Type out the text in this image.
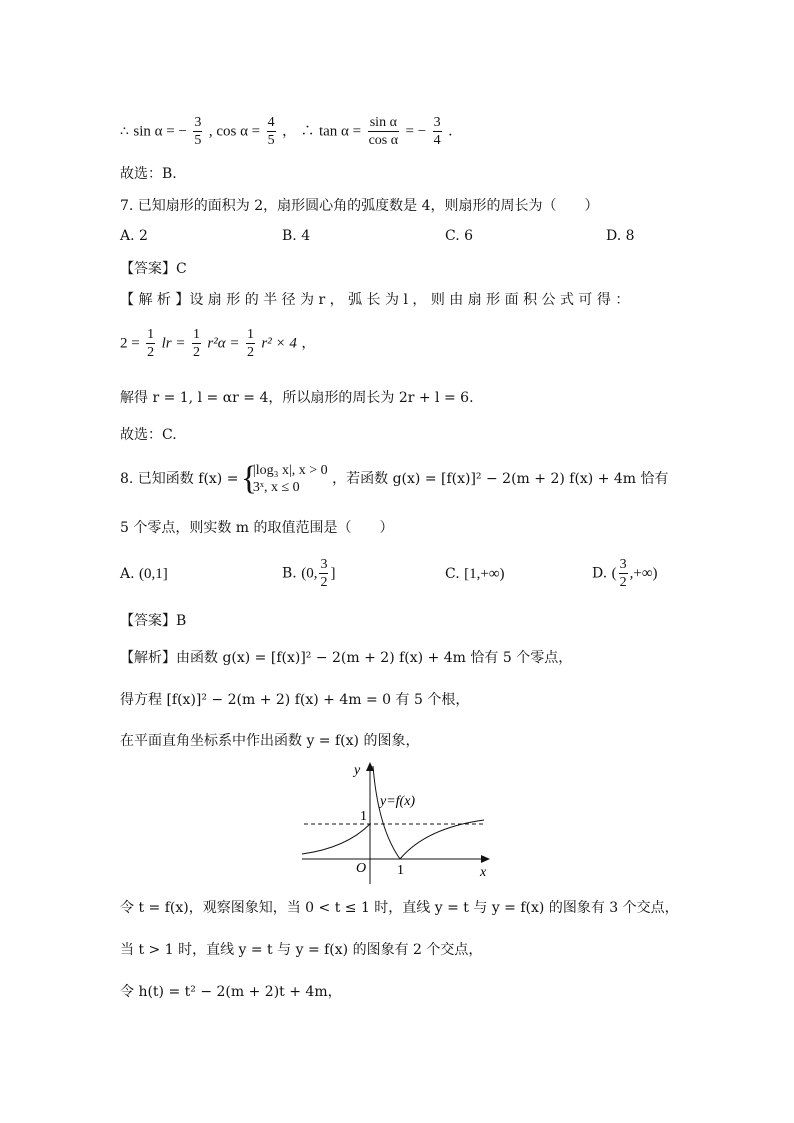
∴ sin α = − $\frac{3}{5}$ , $\cos \alpha = \frac{4}{5}$ ， ∴ $\tan \alpha = \frac{\text{sin α}}{\text{cos α}}$ = − $\frac{3}{4}$ .
故选：B.
7. 已知扇形的面积为 2，扇形圆心角的弧度数是 4，则扇形的周长为（　　）
A. 2	B. 4	C. 6	D. 8
【答案】C
【 解 析 】设 扇 形 的 半 径 为 r ， 弧 长 为 l ， 则 由 扇 形 面 积 公 式 可 得 ：
$2 = \frac{1}{2}$ lr = $\frac{1}{2} r^2\alpha = \frac{1}{2} r^2 \times 4$ ，
解得 r = 1, l = αr = 4，所以扇形的周长为 2r + l = 6.
故选：C.
8. 已知函数 f(x) =
{ |log₃ x|, x > 0
3ˣ, x ≤ 0
，若函数 g(x) = [f(x)]² − 2(m + 2) f(x) + 4m 恰有
5 个零点，则实数 m 的取值范围是（　　）
A. (0,1]	B. (0, $\frac{3}{2}$ ]	C. [1,+∞)	D. ( $\frac{3}{2}$ ,+∞)
【答案】B
【解析】由函数 g(x) = [f(x)]² − 2(m + 2) f(x) + 4m 恰有 5 个零点，
得方程 [f(x)]² − 2(m + 2) f(x) + 4m = 0 有 5 个根，
在平面直角坐标系中作出函数 y = f(x) 的图象，
y
x
O
1
1
y=f(x)
令 t = f(x)，观察图象知，当 0 < t ≤ 1 时，直线 y = t 与 y = f(x) 的图象有 3 个交点，
当 t > 1 时，直线 y = t 与 y = f(x) 的图象有 2 个交点，
令 h(t) = t² − 2(m + 2)t + 4m，
